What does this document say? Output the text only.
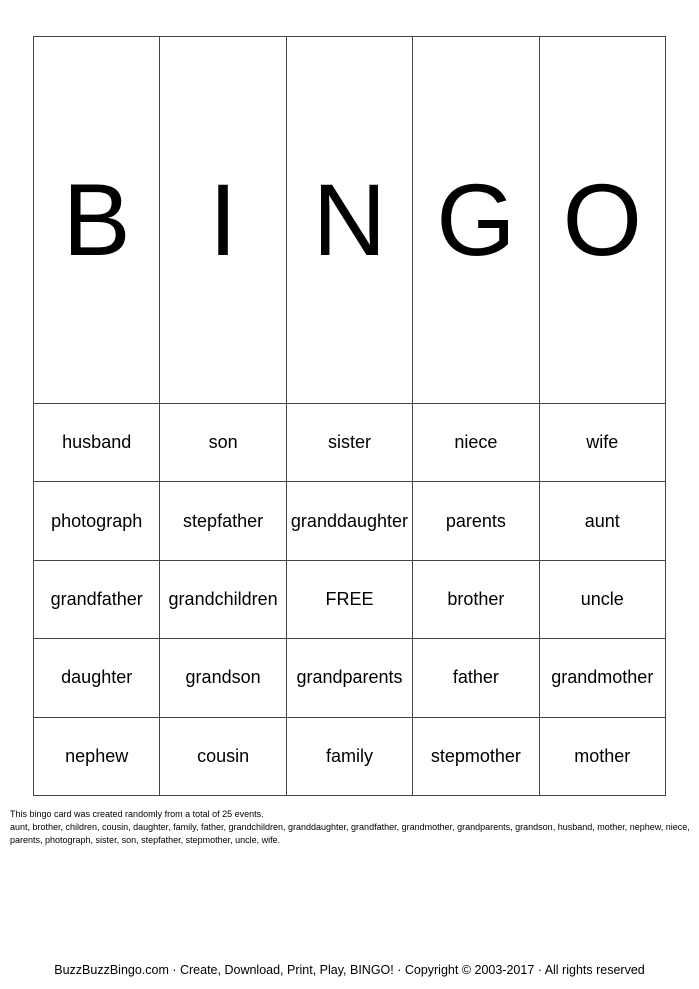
B	I	N	G	O
husband	son	sister	niece	wife
photograph	stepfather	granddaughter	parents	aunt
grandfather	grandchildren	FREE	brother	uncle
daughter	grandson	grandparents	father	grandmother
nephew	cousin	family	stepmother	mother

This bingo card was created randomly from a total of 25 events.

aunt, brother, children, cousin, daughter, family, father, grandchildren, granddaughter, grandfather, grandmother, grandparents, grandson, husband, mother, nephew, niece, parents, photograph, sister, son, stepfather, stepmother, uncle, wife.

BuzzBuzzBingo.com · Create, Download, Print, Play, BINGO! · Copyright © 2003-2017 · All rights reserved
